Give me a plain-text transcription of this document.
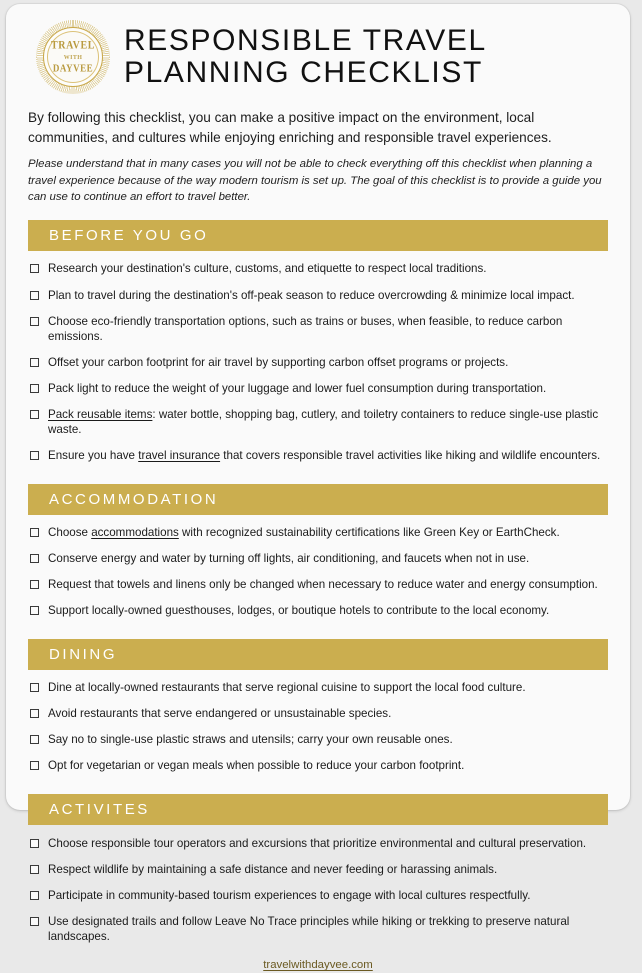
TRAVEL
WITH
DAYVEE
RESPONSIBLE TRAVEL
PLANNING CHECKLIST
By following this checklist, you can make a positive impact on the environment, local communities, and cultures while enjoying enriching and responsible travel experiences.
Please understand that in many cases you will not be able to check everything off this checklist when planning a travel experience because of the way modern tourism is set up. The goal of this checklist is to provide a guide you can use to continue an effort to travel better.
BEFORE YOU GO
Research your destination's culture, customs, and etiquette to respect local traditions.
Plan to travel during the destination's off-peak season to reduce overcrowding & minimize local impact.
Choose eco-friendly transportation options, such as trains or buses, when feasible, to reduce carbon emissions.
Offset your carbon footprint for air travel by supporting carbon offset programs or projects.
Pack light to reduce the weight of your luggage and lower fuel consumption during transportation.
Pack reusable items: water bottle, shopping bag, cutlery, and toiletry containers to reduce single-use plastic waste.
Ensure you have travel insurance that covers responsible travel activities like hiking and wildlife encounters.
ACCOMMODATION
Choose accommodations with recognized sustainability certifications like Green Key or EarthCheck.
Conserve energy and water by turning off lights, air conditioning, and faucets when not in use.
Request that towels and linens only be changed when necessary to reduce water and energy consumption.
Support locally-owned guesthouses, lodges, or boutique hotels to contribute to the local economy.
DINING
Dine at locally-owned restaurants that serve regional cuisine to support the local food culture.
Avoid restaurants that serve endangered or unsustainable species.
Say no to single-use plastic straws and utensils; carry your own reusable ones.
Opt for vegetarian or vegan meals when possible to reduce your carbon footprint.
ACTIVITES
Choose responsible tour operators and excursions that prioritize environmental and cultural preservation.
Respect wildlife by maintaining a safe distance and never feeding or harassing animals.
Participate in community-based tourism experiences to engage with local cultures respectfully.
Use designated trails and follow Leave No Trace principles while hiking or trekking to preserve natural landscapes.
travelwithdayvee.com
